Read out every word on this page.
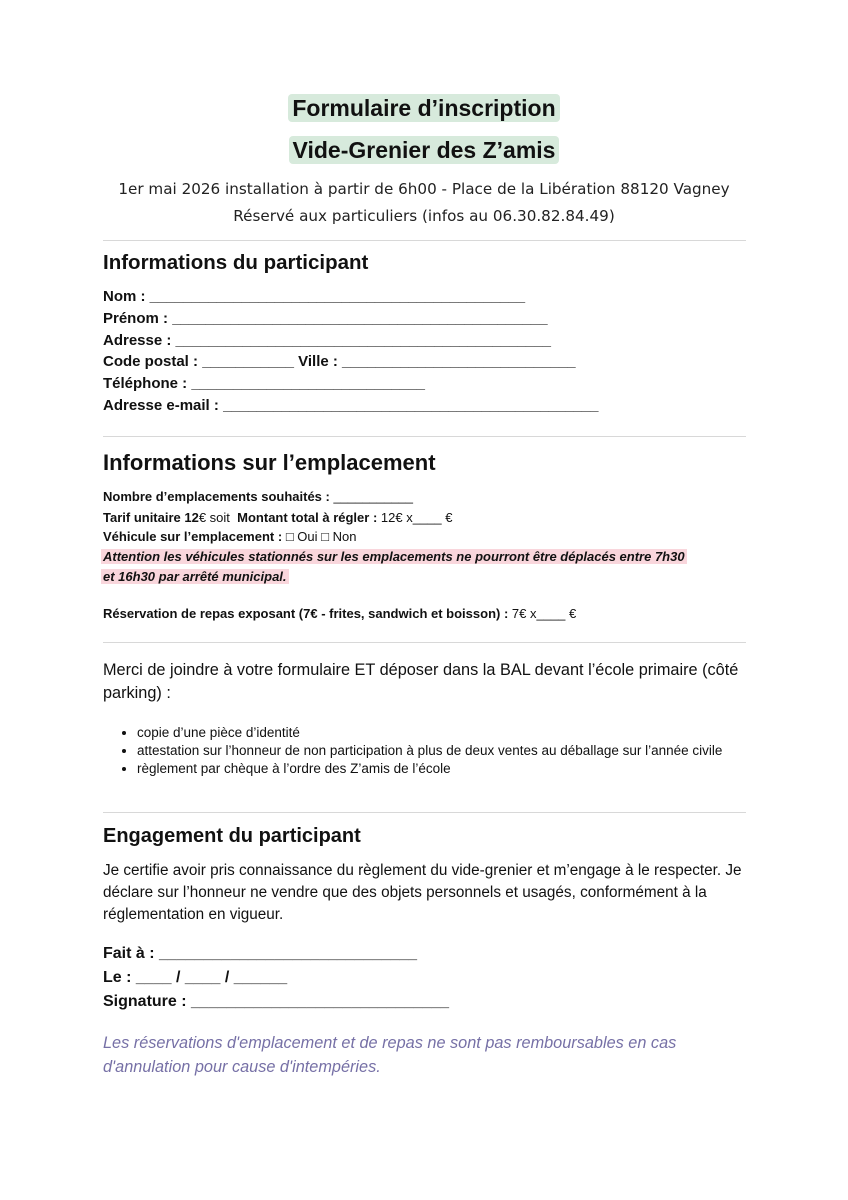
Formulaire d’inscription
Vide-Grenier des Z’amis
1er mai 2026 installation à partir de 6h00 - Place de la Libération 88120 Vagney
Réservé aux particuliers (infos au 06.30.82.84.49)
Informations du participant
Nom : _____________________________________________
Prénom : _____________________________________________
Adresse : _____________________________________________
Code postal : ___________ Ville : ____________________________
Téléphone : ____________________________
Adresse e-mail : _____________________________________________
Informations sur l’emplacement
Nombre d’emplacements souhaités : ___________
Tarif unitaire 12€ soit Montant total à régler : 12€ x____ €
Véhicule sur l’emplacement : □ Oui □ Non
Attention les véhicules stationnés sur les emplacements ne pourront être déplacés entre 7h30
et 16h30 par arrêté municipal.
Réservation de repas exposant (7€ - frites, sandwich et boisson) : 7€ x____ €
Merci de joindre à votre formulaire ET déposer dans la BAL devant l’école primaire (côté parking) :
• copie d’une pièce d’identité
• attestation sur l’honneur de non participation à plus de deux ventes au déballage sur l’année civile
• règlement par chèque à l’ordre des Z’amis de l’école
Engagement du participant
Je certifie avoir pris connaissance du règlement du vide-grenier et m’engage à le respecter. Je déclare sur l’honneur ne vendre que des objets personnels et usagés, conformément à la réglementation en vigueur.
Fait à : _____________________________
Le : ____ / ____ / ______
Signature : _____________________________
Les réservations d'emplacement et de repas ne sont pas remboursables en cas d'annulation pour cause d'intempéries.
